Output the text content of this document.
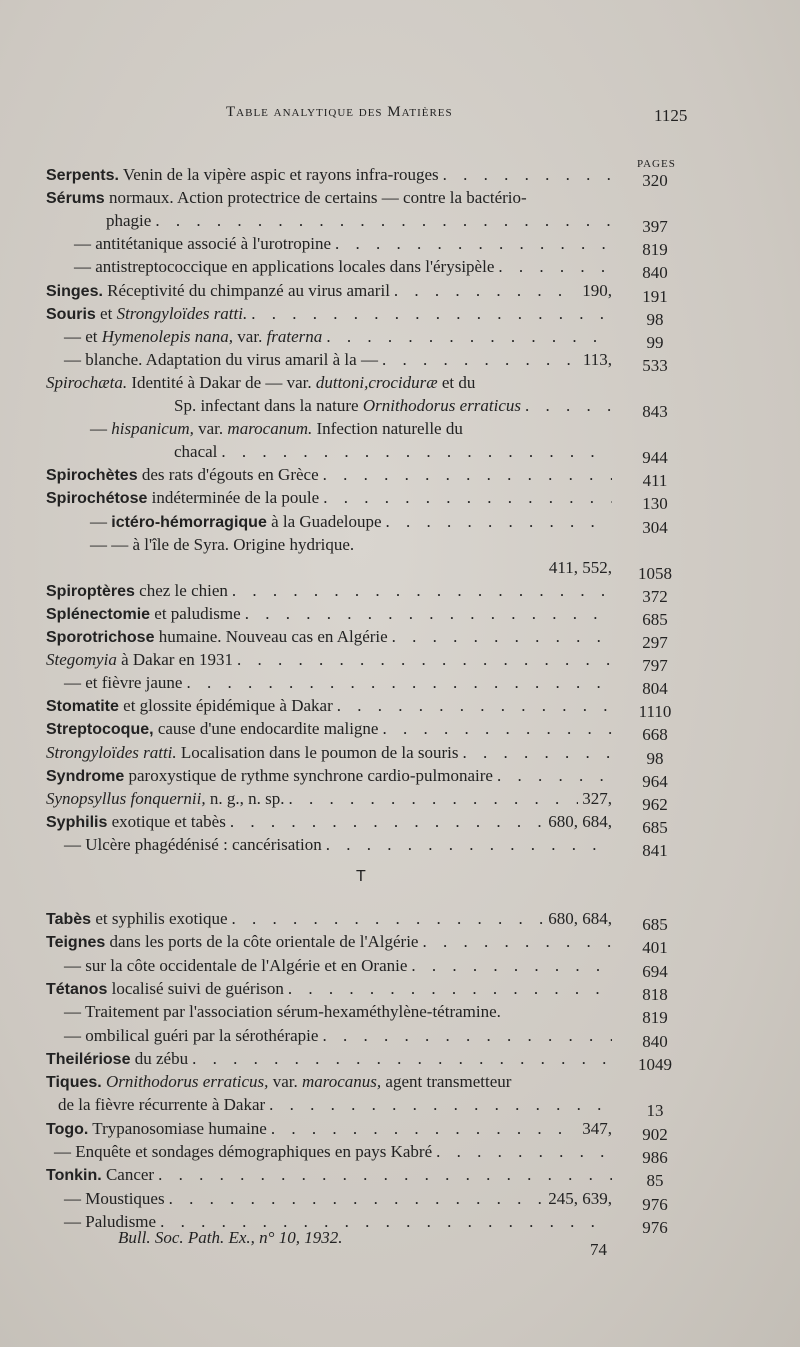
Table analytique des Matières	1125
PAGES
Serpents. Venin de la vipère aspic et rayons infra-rouges . . .	320
Sérums normaux. Action protectrice de certains — contre la bactério-
phagie . . .	397
— antitétanique associé à l'urotropine . . .	819
— antistreptococcique en applications locales dans l'érysipèle . . .	840
Singes. Réceptivité du chimpanzé au virus amaril . . .	190,	191
Souris et Strongyloïdes ratti. . . .	98
— et Hymenolepis nana, var. fraterna . . .	99
— blanche. Adaptation du virus amaril à la — . . .	113,	533
Spirochæta. Identité à Dakar de — var. duttoni,crociduræ et du
Sp. infectant dans la nature Ornithodorus erraticus . . .	843
— hispanicum, var. marocanum. Infection naturelle du
chacal . . .	944
Spirochètes des rats d'égouts en Grèce . . .	411
Spirochétose indéterminée de la poule . . .	130
— ictéro-hémorragique à la Guadeloupe . . .	304
— — à l'île de Syra. Origine hydrique.
411, 552,	1058
Spiroptères chez le chien . . .	372
Splénectomie et paludisme . . .	685
Sporotrichose humaine. Nouveau cas en Algérie . . .	297
Stegomyia à Dakar en 1931 . . .	797
— et fièvre jaune . . .	804
Stomatite et glossite épidémique à Dakar . . .	1110
Streptocoque, cause d'une endocardite maligne . . .	668
Strongyloïdes ratti. Localisation dans le poumon de la souris . . .	98
Syndrome paroxystique de rythme synchrone cardio-pulmonaire . . .	964
Synopsyllus fonquernii, n. g., n. sp. . . .	327,	962
Syphilis exotique et tabès . . .	680, 684,	685
— Ulcère phagédénisé : cancérisation . . .	841
T
Tabès et syphilis exotique . . .	680, 684,	685
Teignes dans les ports de la côte orientale de l'Algérie . . .	401
— sur la côte occidentale de l'Algérie et en Oranie . . .	694
Tétanos localisé suivi de guérison . . .	818
— Traitement par l'association sérum-hexaméthylène-tétramine.	819
— ombilical guéri par la sérothérapie . . .	840
Theilériose du zébu . . .	1049
Tiques. Ornithodorus erraticus, var. marocanus, agent transmetteur
de la fièvre récurrente à Dakar . . .	13
Togo. Trypanosomiase humaine . . .	347,	902
— Enquête et sondages démographiques en pays Kabré . . .	986
Tonkin. Cancer . . .	85
— Moustiques . . .	245, 639,	976
— Paludisme . . .	976
Bull. Soc. Path. Ex., n° 10, 1932.
74
